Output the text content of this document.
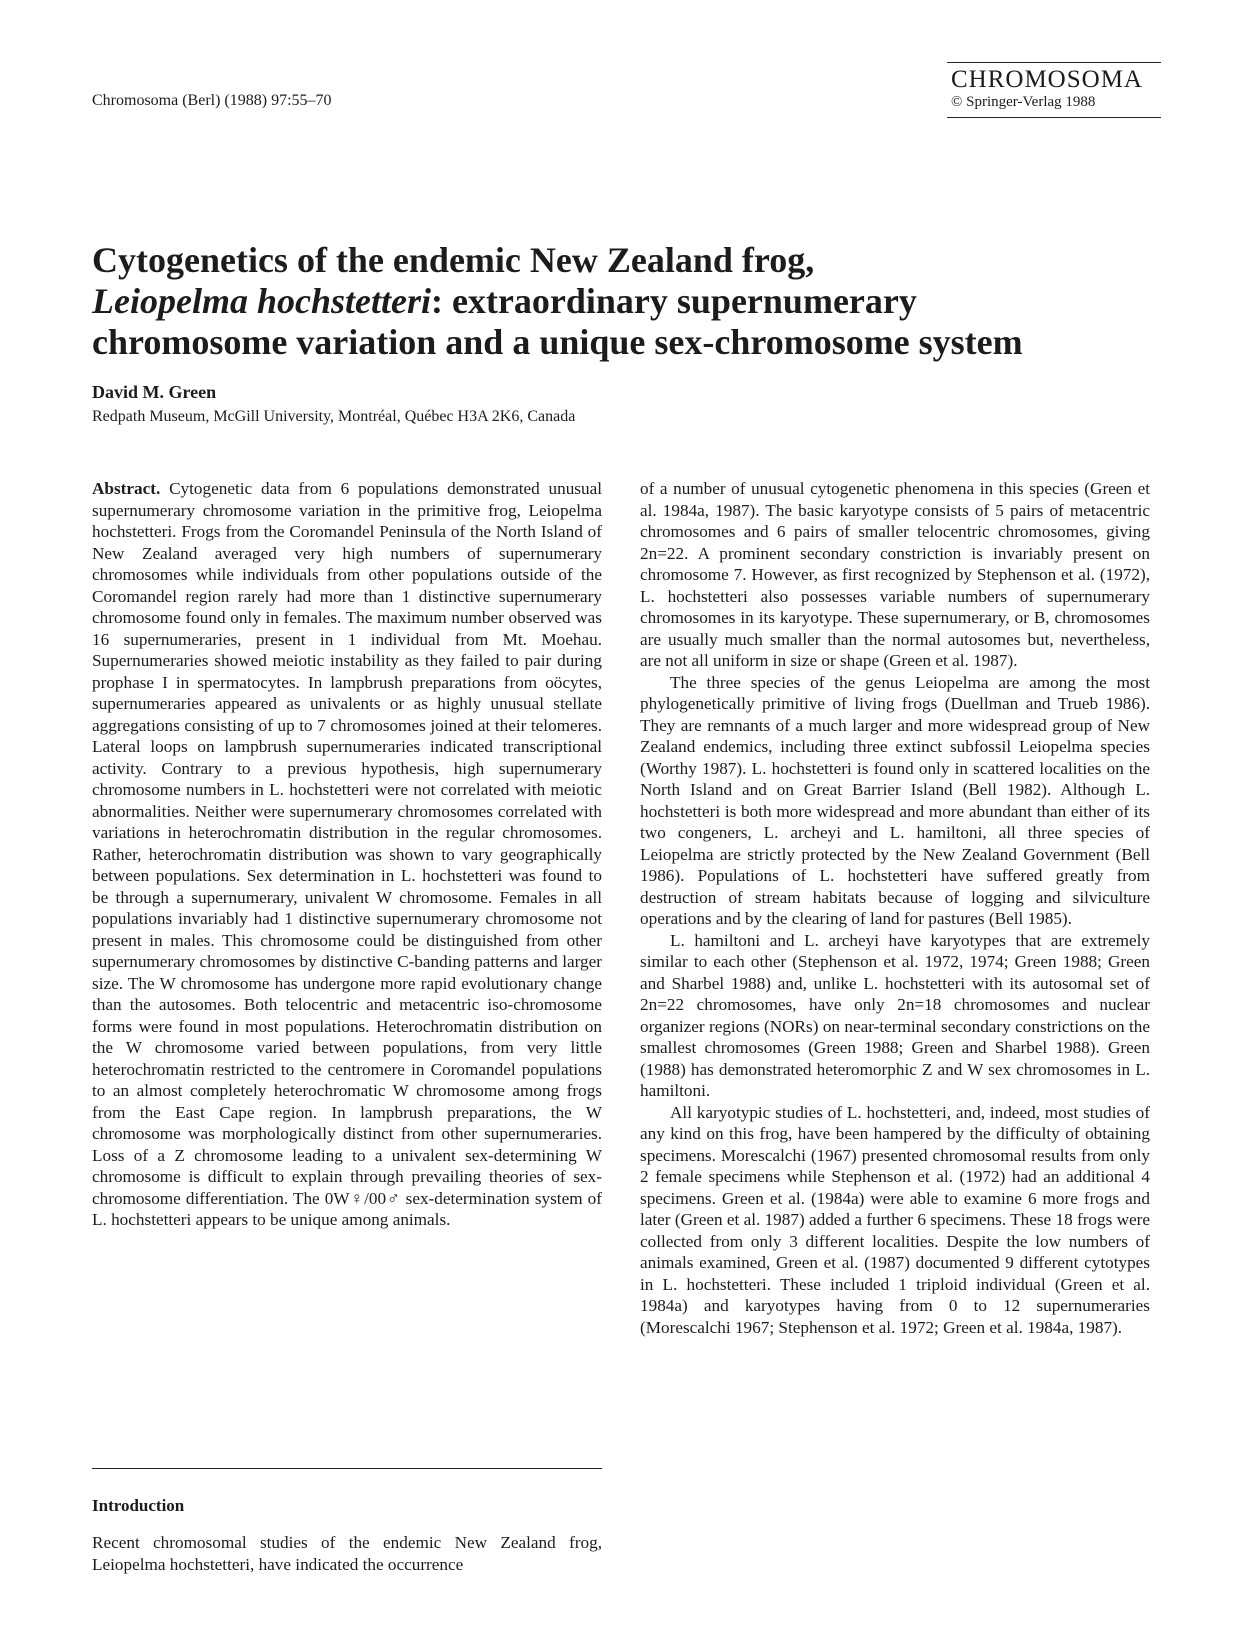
Chromosoma (Berl) (1988) 97:55–70
CHROMOSOMA
© Springer-Verlag 1988
Cytogenetics of the endemic New Zealand frog,
Leiopelma hochstetteri: extraordinary supernumerary
chromosome variation and a unique sex-chromosome system
David M. Green
Redpath Museum, McGill University, Montréal, Québec H3A 2K6, Canada

Abstract. Cytogenetic data from 6 populations demonstrated unusual supernumerary chromosome variation in the primitive frog, Leiopelma hochstetteri. Frogs from the Coromandel Peninsula of the North Island of New Zealand averaged very high numbers of supernumerary chromosomes while individuals from other populations outside of the Coromandel region rarely had more than 1 distinctive supernumerary chromosome found only in females. The maximum number observed was 16 supernumeraries, present in 1 individual from Mt. Moehau. Supernumeraries showed meiotic instability as they failed to pair during prophase I in spermatocytes. In lampbrush preparations from oöcytes, supernumeraries appeared as univalents or as highly unusual stellate aggregations consisting of up to 7 chromosomes joined at their telomeres. Lateral loops on lampbrush supernumeraries indicated transcriptional activity. Contrary to a previous hypothesis, high supernumerary chromosome numbers in L. hochstetteri were not correlated with meiotic abnormalities. Neither were supernumerary chromosomes correlated with variations in heterochromatin distribution in the regular chromosomes. Rather, heterochromatin distribution was shown to vary geographically between populations. Sex determination in L. hochstetteri was found to be through a supernumerary, univalent W chromosome. Females in all populations invariably had 1 distinctive supernumerary chromosome not present in males. This chromosome could be distinguished from other supernumerary chromosomes by distinctive C-banding patterns and larger size. The W chromosome has undergone more rapid evolutionary change than the autosomes. Both telocentric and metacentric iso-chromosome forms were found in most populations. Heterochromatin distribution on the W chromosome varied between populations, from very little heterochromatin restricted to the centromere in Coromandel populations to an almost completely heterochromatic W chromosome among frogs from the East Cape region. In lampbrush preparations, the W chromosome was morphologically distinct from other supernumeraries. Loss of a Z chromosome leading to a univalent sex-determining W chromosome is difficult to explain through prevailing theories of sex-chromosome differentiation. The 0W♀/00♂ sex-determination system of L. hochstetteri appears to be unique among animals.

Introduction

Recent chromosomal studies of the endemic New Zealand frog, Leiopelma hochstetteri, have indicated the occurrence

of a number of unusual cytogenetic phenomena in this species (Green et al. 1984a, 1987). The basic karyotype consists of 5 pairs of metacentric chromosomes and 6 pairs of smaller telocentric chromosomes, giving 2n=22. A prominent secondary constriction is invariably present on chromosome 7. However, as first recognized by Stephenson et al. (1972), L. hochstetteri also possesses variable numbers of supernumerary chromosomes in its karyotype. These supernumerary, or B, chromosomes are usually much smaller than the normal autosomes but, nevertheless, are not all uniform in size or shape (Green et al. 1987).

The three species of the genus Leiopelma are among the most phylogenetically primitive of living frogs (Duellman and Trueb 1986). They are remnants of a much larger and more widespread group of New Zealand endemics, including three extinct subfossil Leiopelma species (Worthy 1987). L. hochstetteri is found only in scattered localities on the North Island and on Great Barrier Island (Bell 1982). Although L. hochstetteri is both more widespread and more abundant than either of its two congeners, L. archeyi and L. hamiltoni, all three species of Leiopelma are strictly protected by the New Zealand Government (Bell 1986). Populations of L. hochstetteri have suffered greatly from destruction of stream habitats because of logging and silviculture operations and by the clearing of land for pastures (Bell 1985).

L. hamiltoni and L. archeyi have karyotypes that are extremely similar to each other (Stephenson et al. 1972, 1974; Green 1988; Green and Sharbel 1988) and, unlike L. hochstetteri with its autosomal set of 2n=22 chromosomes, have only 2n=18 chromosomes and nuclear organizer regions (NORs) on near-terminal secondary constrictions on the smallest chromosomes (Green 1988; Green and Sharbel 1988). Green (1988) has demonstrated heteromorphic Z and W sex chromosomes in L. hamiltoni.

All karyotypic studies of L. hochstetteri, and, indeed, most studies of any kind on this frog, have been hampered by the difficulty of obtaining specimens. Morescalchi (1967) presented chromosomal results from only 2 female specimens while Stephenson et al. (1972) had an additional 4 specimens. Green et al. (1984a) were able to examine 6 more frogs and later (Green et al. 1987) added a further 6 specimens. These 18 frogs were collected from only 3 different localities. Despite the low numbers of animals examined, Green et al. (1987) documented 9 different cytotypes in L. hochstetteri. These included 1 triploid individual (Green et al. 1984a) and karyotypes having from 0 to 12 supernumeraries (Morescalchi 1967; Stephenson et al. 1972; Green et al. 1984a, 1987).
